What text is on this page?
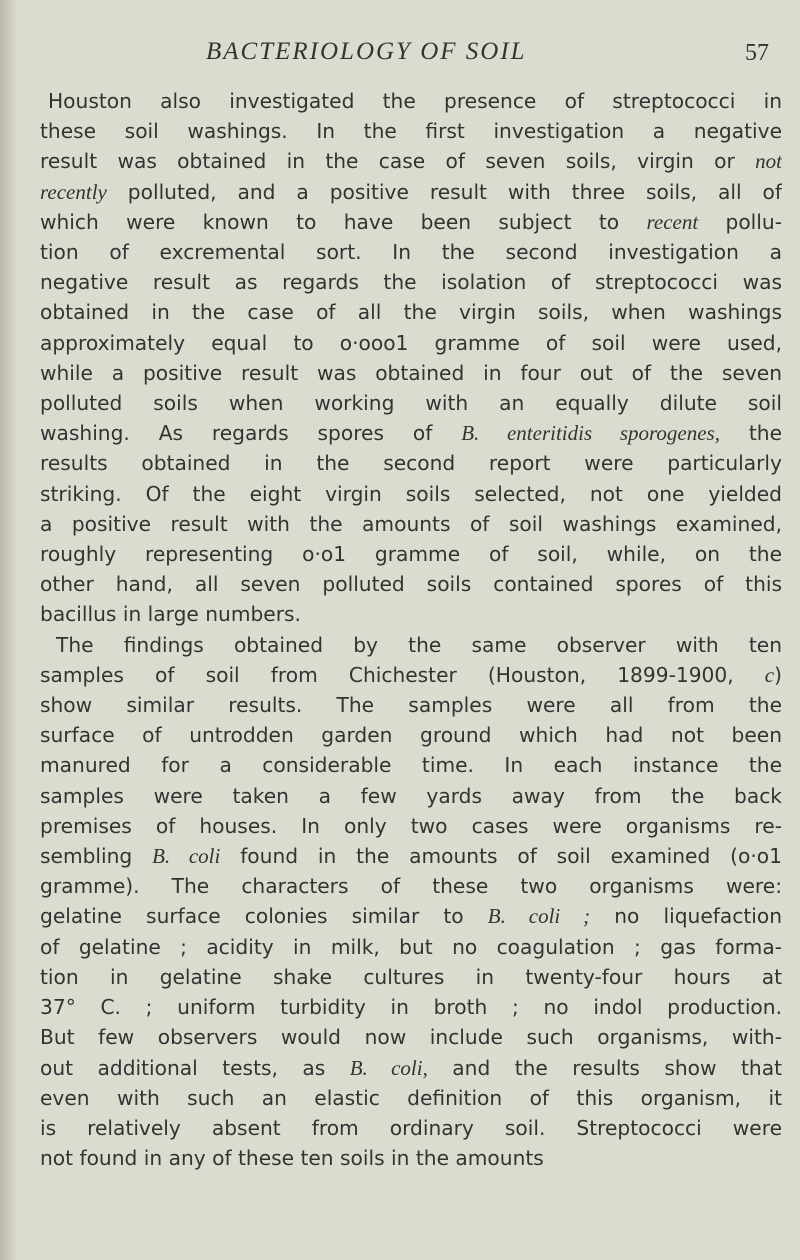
BACTERIOLOGY OF SOIL	57
Houston also investigated the presence of streptococci in
these soil washings. In the first investigation a negative
result was obtained in the case of seven soils, virgin or not
recently polluted, and a positive result with three soils, all of
which were known to have been subject to recent pollu-
tion of excremental sort. In the second investigation a
negative result as regards the isolation of streptococci was
obtained in the case of all the virgin soils, when washings
approximately equal to o·ooo1 gramme of soil were used,
while a positive result was obtained in four out of the seven
polluted soils when working with an equally dilute soil
washing. As regards spores of B. enteritidis sporogenes, the
results obtained in the second report were particularly
striking. Of the eight virgin soils selected, not one yielded
a positive result with the amounts of soil washings examined,
roughly representing o·o1 gramme of soil, while, on the
other hand, all seven polluted soils contained spores of this
bacillus in large numbers.
The findings obtained by the same observer with ten
samples of soil from Chichester (Houston, 1899-1900, c)
show similar results. The samples were all from the
surface of untrodden garden ground which had not been
manured for a considerable time. In each instance the
samples were taken a few yards away from the back
premises of houses. In only two cases were organisms re-
sembling B. coli found in the amounts of soil examined (o·o1
gramme). The characters of these two organisms were:
gelatine surface colonies similar to B. coli ; no liquefaction
of gelatine ; acidity in milk, but no coagulation ; gas forma-
tion in gelatine shake cultures in twenty-four hours at
37° C. ; uniform turbidity in broth ; no indol production.
But few observers would now include such organisms, with-
out additional tests, as B. coli, and the results show that
even with such an elastic definition of this organism, it
is relatively absent from ordinary soil. Streptococci were
not found in any of these ten soils in the amounts
